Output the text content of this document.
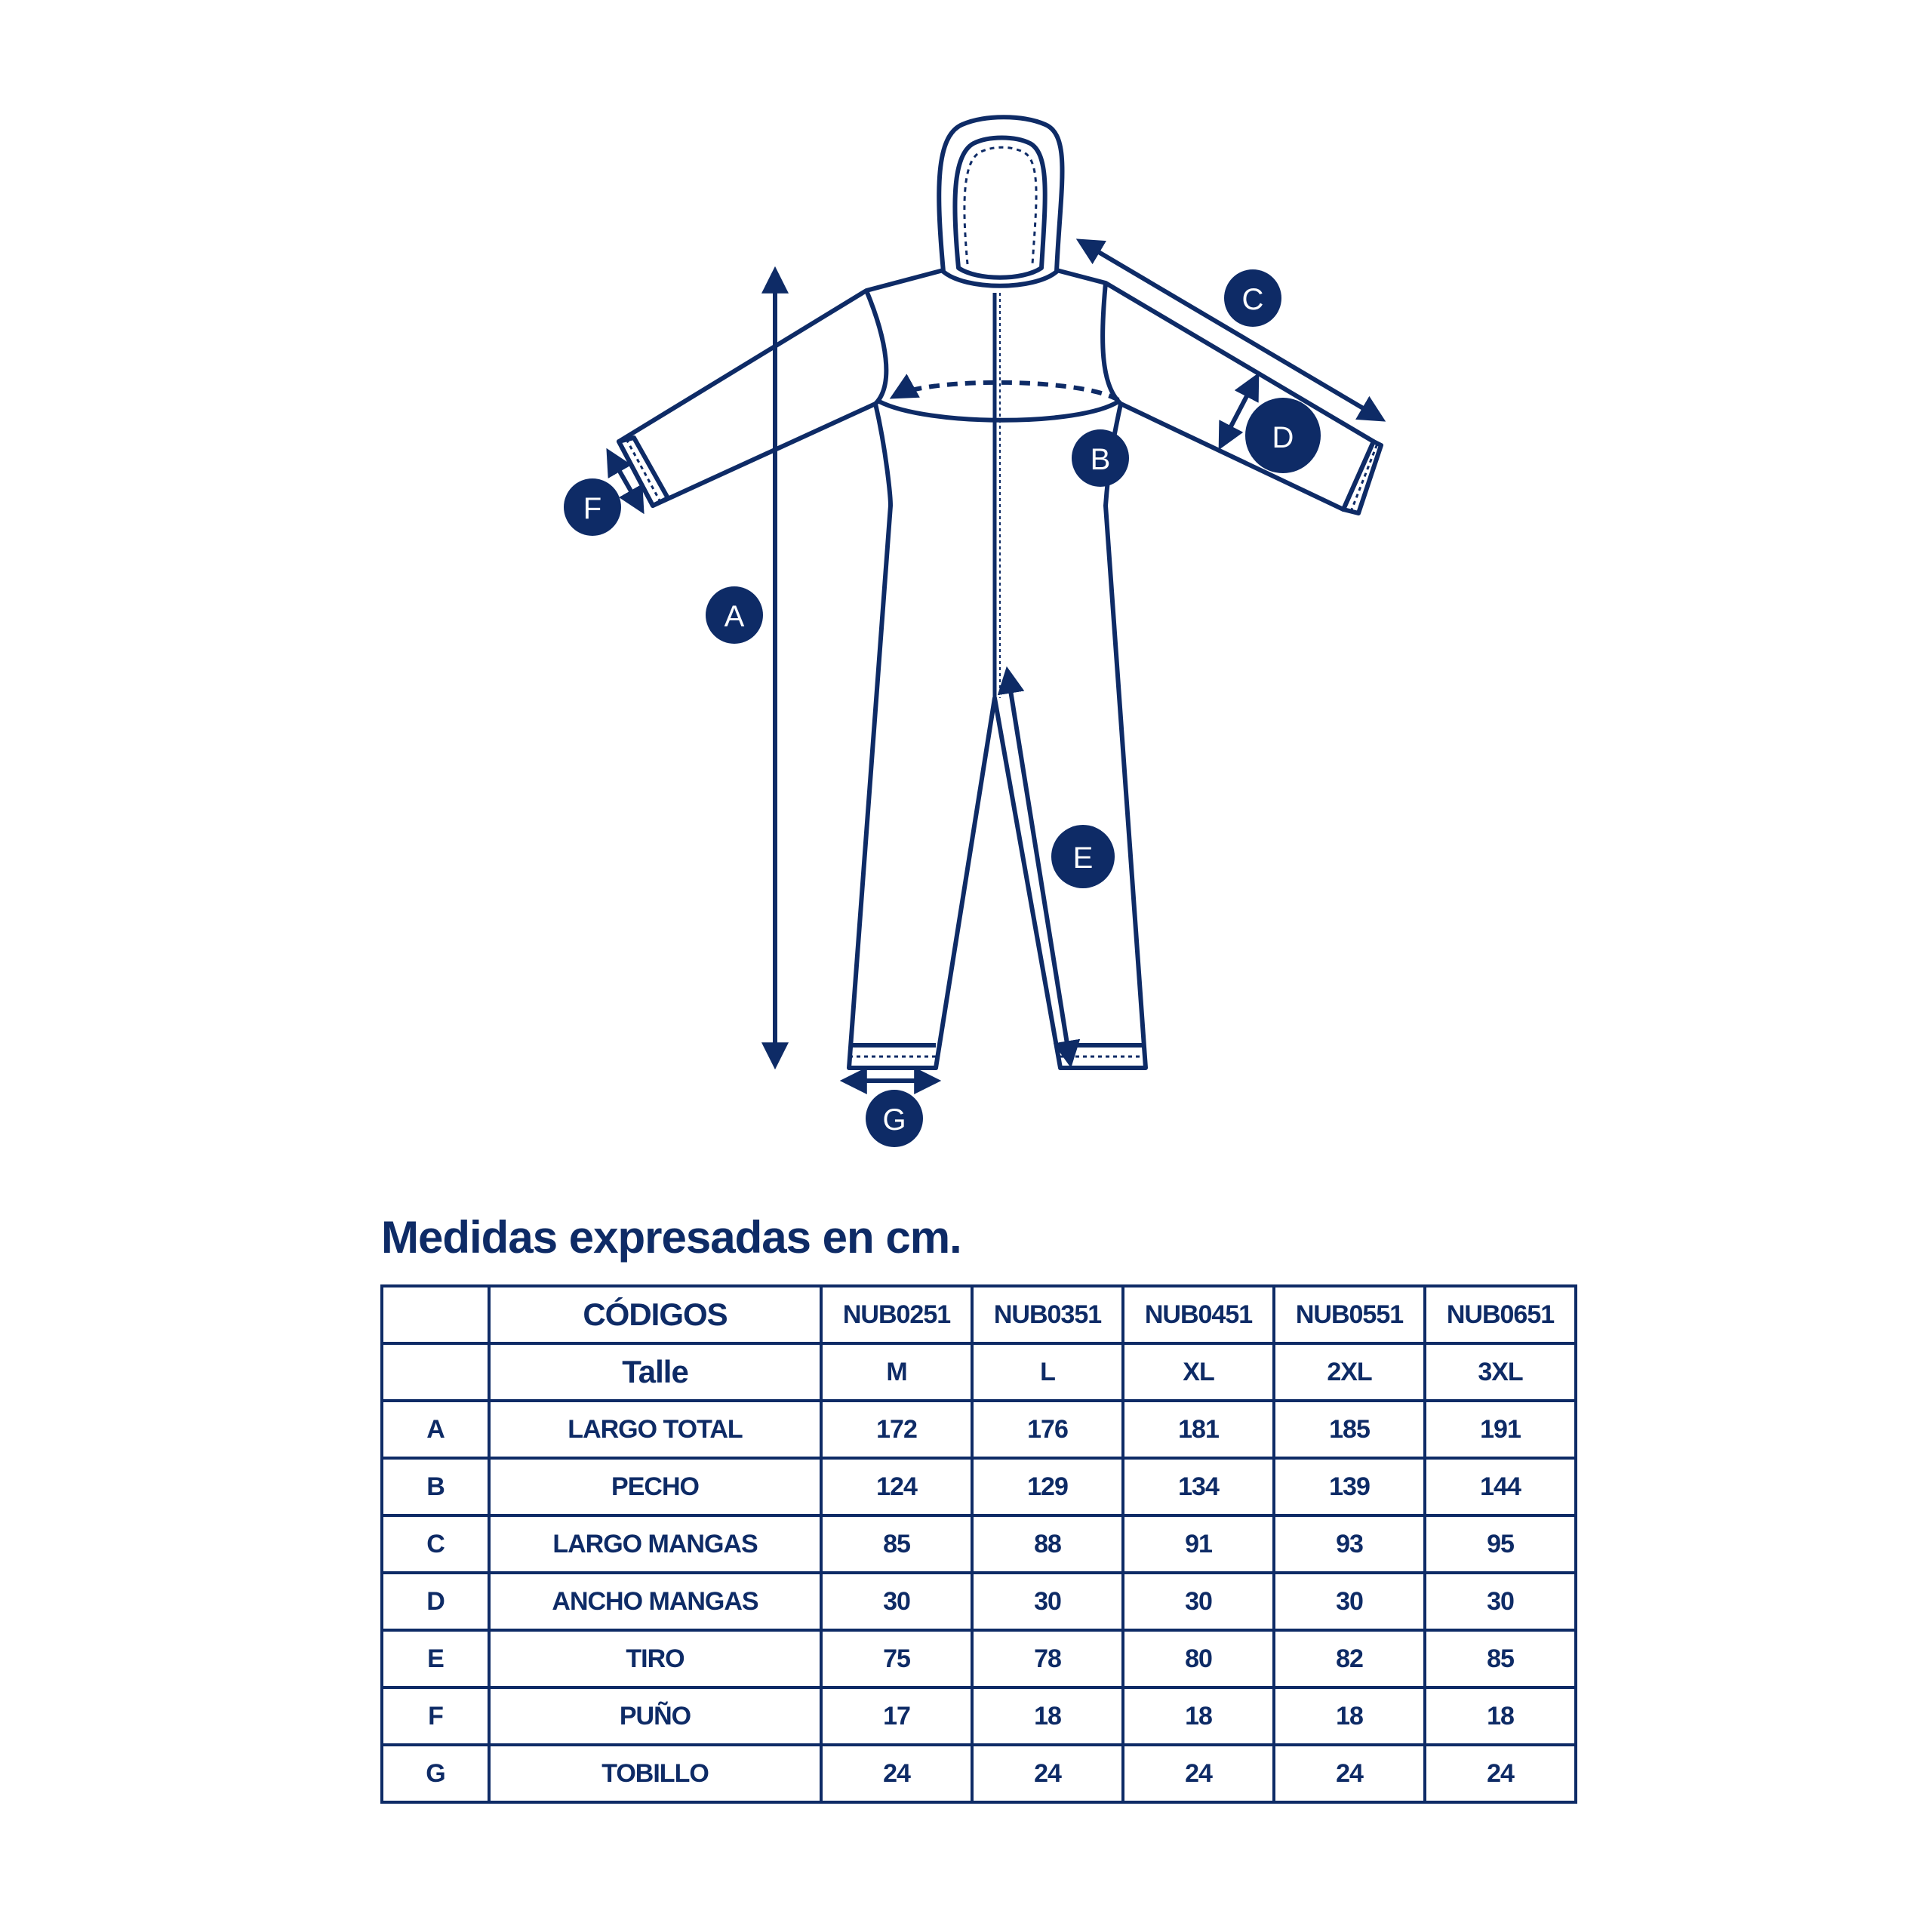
A
B
C
D
E
F
G
Medidas expresadas en cm.
	CÓDIGOS	NUB0251	NUB0351	NUB0451	NUB0551	NUB0651
	Talle	M	L	XL	2XL	3XL
A	LARGO TOTAL	172	176	181	185	191
B	PECHO	124	129	134	139	144
C	LARGO MANGAS	85	88	91	93	95
D	ANCHO MANGAS	30	30	30	30	30
E	TIRO	75	78	80	82	85
F	PUÑO	17	18	18	18	18
G	TOBILLO	24	24	24	24	24
